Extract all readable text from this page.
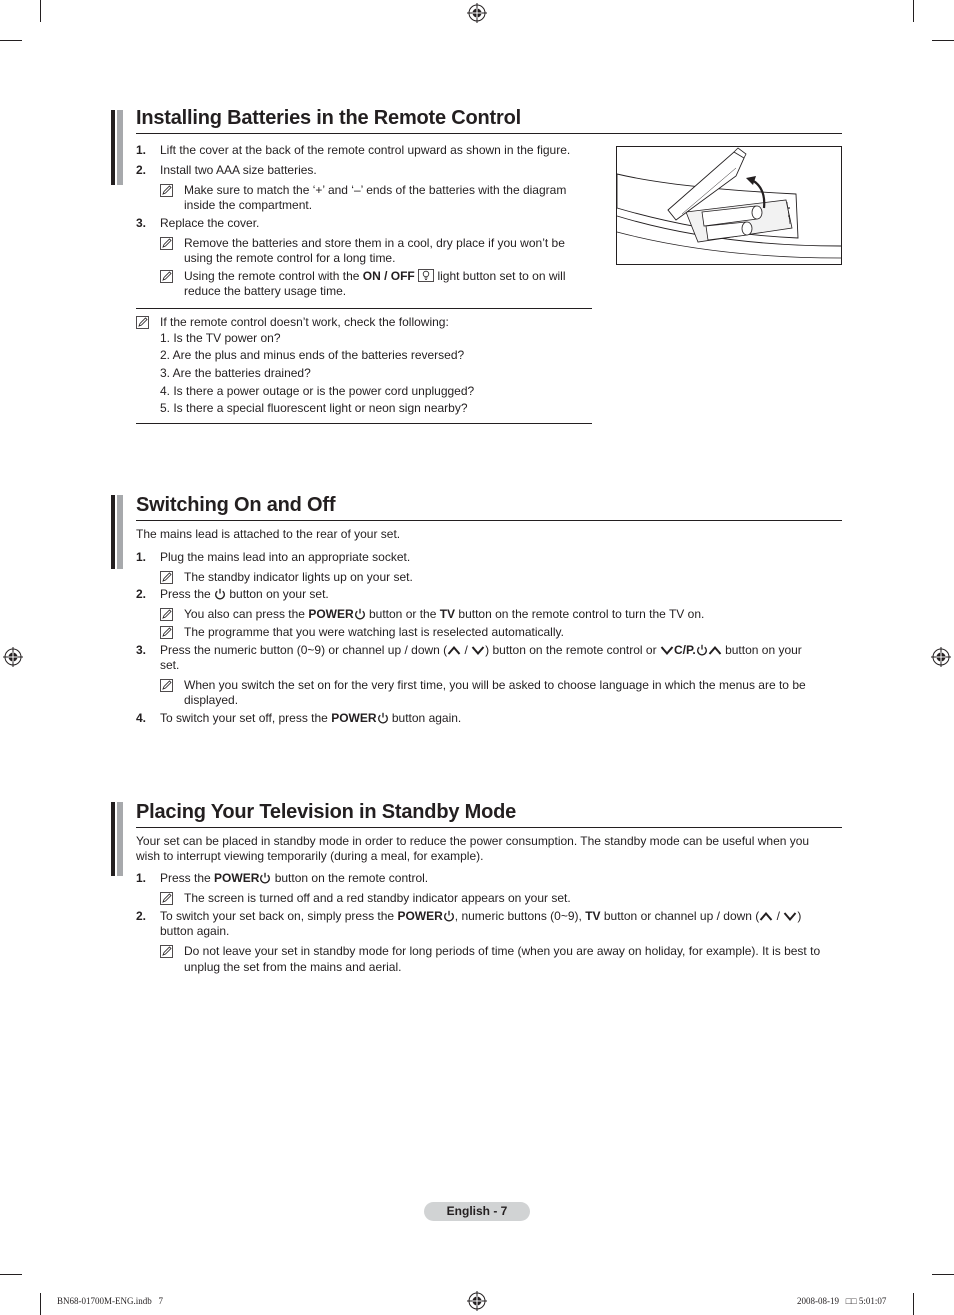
Installing Batteries in the Remote Control
1. Lift the cover at the back of the remote control upward as shown in the figure.
2. Install two AAA size batteries.
Make sure to match the ‘+’ and ‘–’ ends of the batteries with the diagram
inside the compartment.
3. Replace the cover.
Remove the batteries and store them in a cool, dry place if you won’t be
using the remote control for a long time.
Using the remote control with the ON / OFF  light button set to on will
reduce the battery usage time.
If the remote control doesn’t work, check the following:
1. Is the TV power on?
2. Are the plus and minus ends of the batteries reversed?
3. Are the batteries drained?
4. Is there a power outage or is the power cord unplugged?
5. Is there a special fluorescent light or neon sign nearby?
Switching On and Off
The mains lead is attached to the rear of your set.
1. Plug the mains lead into an appropriate socket.
The standby indicator lights up on your set.
2. Press the  button on your set.
You also can press the POWER button or the TV button on the remote control to turn the TV on.
The programme that you were watching last is reselected automatically.
3. Press the numeric button (0~9) or channel up / down ( / ) button on the remote control or C/P. button on your
set.
When you switch the set on for the very first time, you will be asked to choose language in which the menus are to be
displayed.
4. To switch your set off, press the POWER button again.
Placing Your Television in Standby Mode
Your set can be placed in standby mode in order to reduce the power consumption. The standby mode can be useful when you
wish to interrupt viewing temporarily (during a meal, for example).
1. Press the POWER button on the remote control.
The screen is turned off and a red standby indicator appears on your set.
2. To switch your set back on, simply press the POWER , numeric buttons (0~9), TV button or channel up / down ( / )
button again.
Do not leave your set in standby mode for long periods of time (when you are away on holiday, for example). It is best to
unplug the set from the mains and aerial.
English - 7
BN68-01700M-ENG.indb   7	2008-08-19   □□ 5:01:07
